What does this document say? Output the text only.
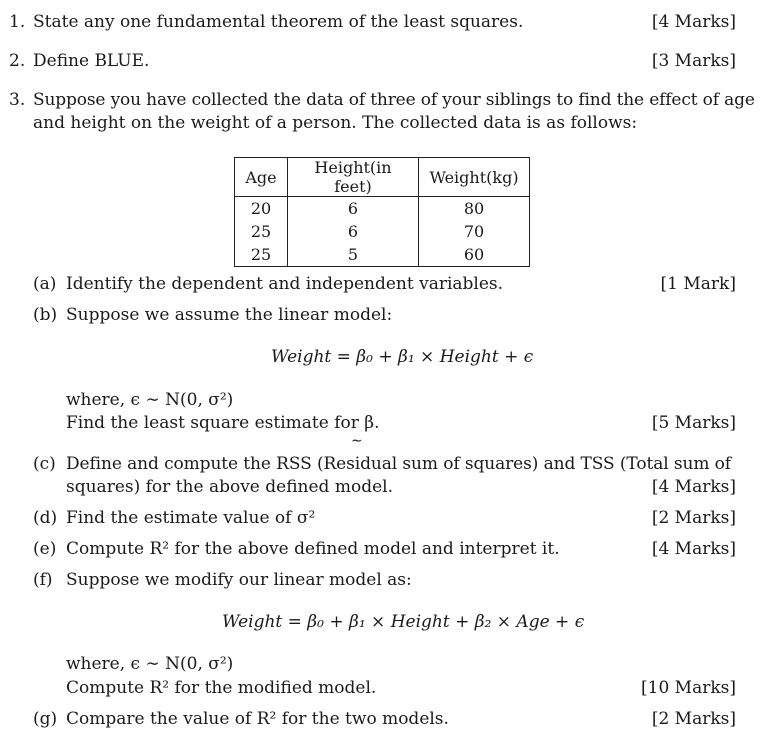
1. State any one fundamental theorem of the least squares.	[4 Marks]
2. Define BLUE.	[3 Marks]
3. Suppose you have collected the data of three of your siblings to find the effect of age
and height on the weight of a person. The collected data is as follows:
Age	Height(in feet)	Weight(kg)
20	6	80
25	6	70
25	5	60
(a) Identify the dependent and independent variables.	[1 Mark]
(b) Suppose we assume the linear model:
Weight = β₀ + β₁ × Height + ϵ
where, ϵ ∼ N(0, σ²)
Find the least square estimate for β.
∼
[5 Marks]
(c) Define and compute the RSS (Residual sum of squares) and TSS (Total sum of
squares) for the above defined model.	[4 Marks]
(d) Find the estimate value of σ²	[2 Marks]
(e) Compute R² for the above defined model and interpret it.	[4 Marks]
(f) Suppose we modify our linear model as:
Weight = β₀ + β₁ × Height + β₂ × Age + ϵ
where, ϵ ∼ N(0, σ²)
Compute R² for the modified model.	[10 Marks]
(g) Compare the value of R² for the two models.	[2 Marks]
